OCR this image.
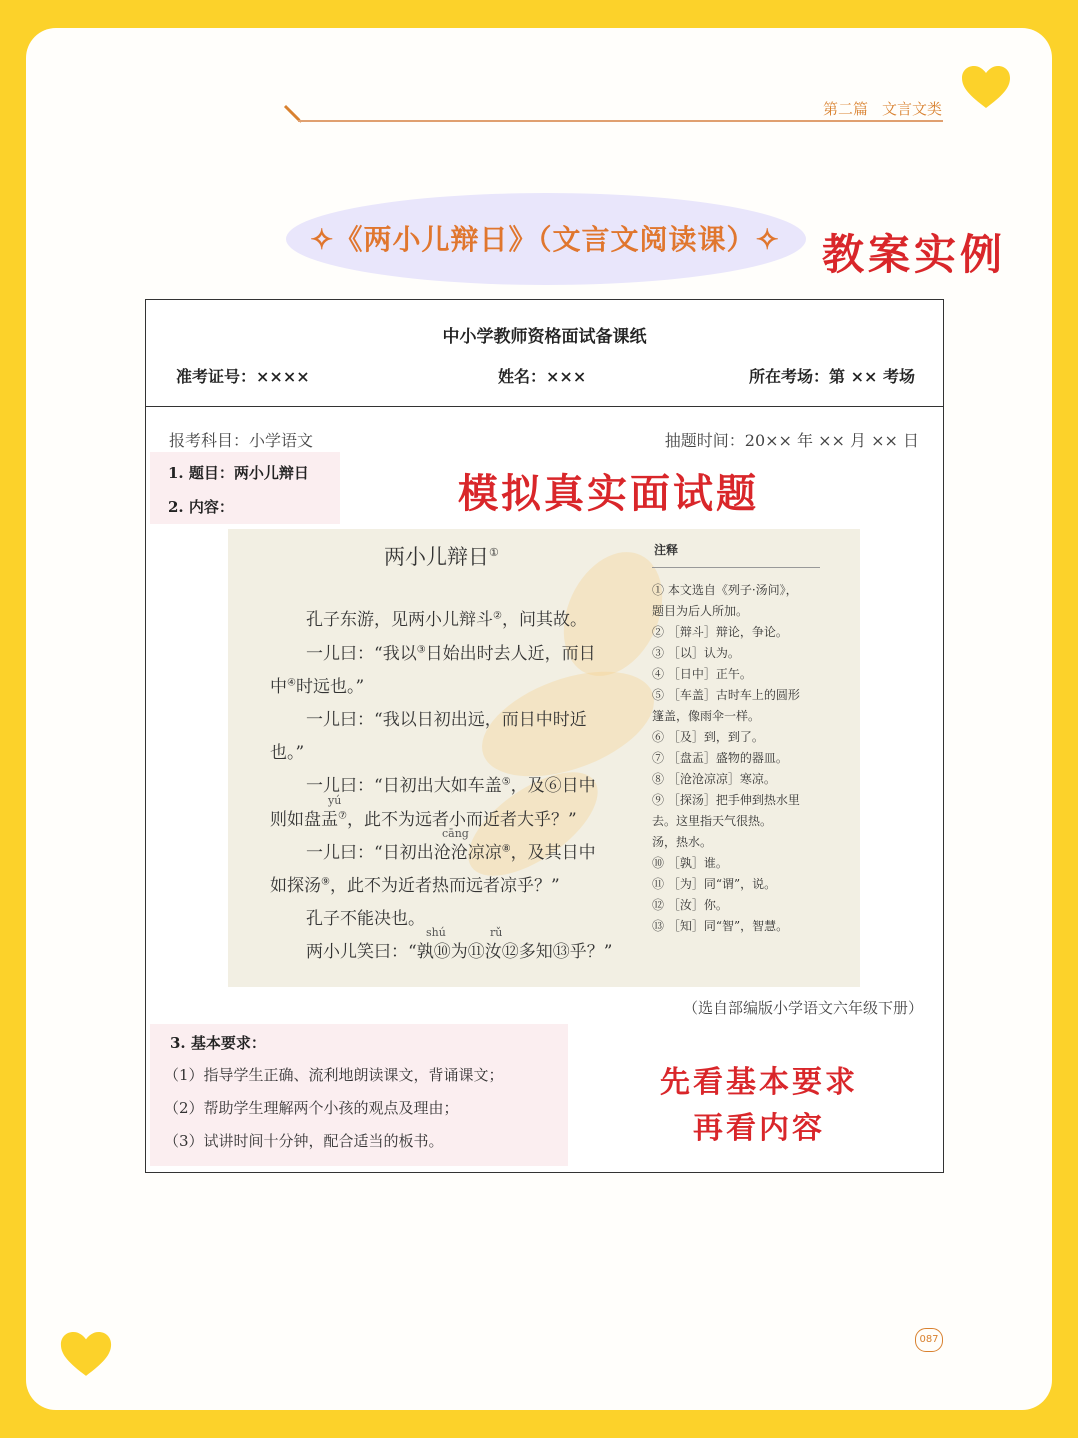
第二篇 文言文类
✧《两小儿辩日》（文言文阅读课）✧ 教案实例
中小学教师资格面试备课纸
准考证号：××××	姓名：×××	所在考场：第 ×× 考场
报考科目：小学语文	抽题时间：20×× 年 ×× 月 ×× 日
1. 题目：两小儿辩日
2. 内容：
两小儿辩日①
孔子东游，见两小儿辩斗②，问其故。
一儿曰：“我以③日始出时去人近，而日
中④时远也。”
一儿曰：“我以日初出远，而日中时近
也。”
一儿曰：“日初出大如车盖⑤，及⑥日中
yú
则如盘盂⑦，此不为远者小而近者大乎？”
cāng
一儿曰：“日初出沧沧凉凉⑧，及其日中
如探汤⑨，此不为近者热而远者凉乎？”
孔子不能决也。
shú	rǔ
两小儿笑曰：“孰⑩为⑪汝⑫多知⑬乎？”
注释
① 本文选自《列子·汤问》，
题目为后人所加。
② ［辩斗］辩论，争论。
③ ［以］认为。
④ ［日中］正午。
⑤ ［车盖］古时车上的圆形
篷盖，像雨伞一样。
⑥ ［及］到，到了。
⑦ ［盘盂］盛物的器皿。
⑧ ［沧沧凉凉］寒凉。
⑨ ［探汤］把手伸到热水里
去。这里指天气很热。
汤，热水。
⑩ ［孰］谁。
⑪ ［为］同“谓”，说。
⑫ ［汝］你。
⑬ ［知］同“智”，智慧。
（选自部编版小学语文六年级下册）
3. 基本要求：
（1）指导学生正确、流利地朗读课文，背诵课文；
（2）帮助学生理解两个小孩的观点及理由；
（3）试讲时间十分钟，配合适当的板书。
模拟真实面试题
先看基本要求
再看内容
087
